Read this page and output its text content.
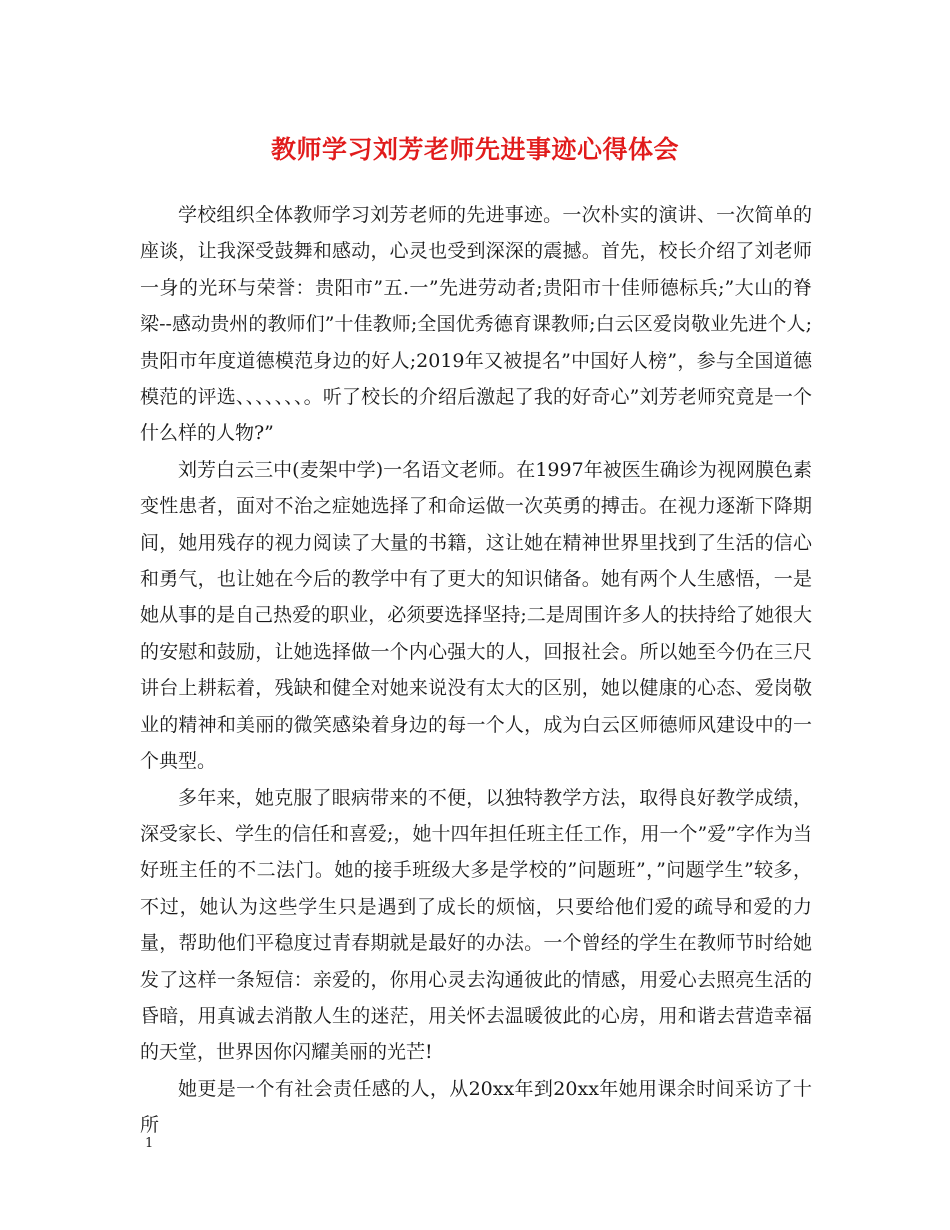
教师学习刘芳老师先进事迹心得体会

学校组织全体教师学习刘芳老师的先进事迹。一次朴实的演讲、一次简单的座谈，让我深受鼓舞和感动，心灵也受到深深的震撼。首先，校长介绍了刘老师一身的光环与荣誉：贵阳市”五.一”先进劳动者;贵阳市十佳师德标兵;”大山的脊梁--感动贵州的教师们”十佳教师;全国优秀德育课教师;白云区爱岗敬业先进个人;贵阳市年度道德模范身边的好人;2019年又被提名”中国好人榜”，参与全国道德模范的评选、、、、、、、。听了校长的介绍后激起了我的好奇心”刘芳老师究竟是一个什么样的人物?”

刘芳白云三中(麦架中学)一名语文老师。在1997年被医生确诊为视网膜色素变性患者，面对不治之症她选择了和命运做一次英勇的搏击。在视力逐渐下降期间，她用残存的视力阅读了大量的书籍，这让她在精神世界里找到了生活的信心和勇气，也让她在今后的教学中有了更大的知识储备。她有两个人生感悟，一是她从事的是自己热爱的职业，必须要选择坚持;二是周围许多人的扶持给了她很大的安慰和鼓励，让她选择做一个内心强大的人，回报社会。所以她至今仍在三尺讲台上耕耘着，残缺和健全对她来说没有太大的区别，她以健康的心态、爱岗敬业的精神和美丽的微笑感染着身边的每一个人，成为白云区师德师风建设中的一个典型。

多年来，她克服了眼病带来的不便，以独特教学方法，取得良好教学成绩，深受家长、学生的信任和喜爱;，她十四年担任班主任工作，用一个”爱”字作为当好班主任的不二法门。她的接手班级大多是学校的”问题班”，”问题学生”较多，不过，她认为这些学生只是遇到了成长的烦恼，只要给他们爱的疏导和爱的力量，帮助他们平稳度过青春期就是最好的办法。一个曾经的学生在教师节时给她发了这样一条短信：亲爱的，你用心灵去沟通彼此的情感，用爱心去照亮生活的昏暗，用真诚去消散人生的迷茫，用关怀去温暖彼此的心房，用和谐去营造幸福的天堂，世界因你闪耀美丽的光芒!

她更是一个有社会责任感的人，从20xx年到20xx年她用课余时间采访了十所

1
